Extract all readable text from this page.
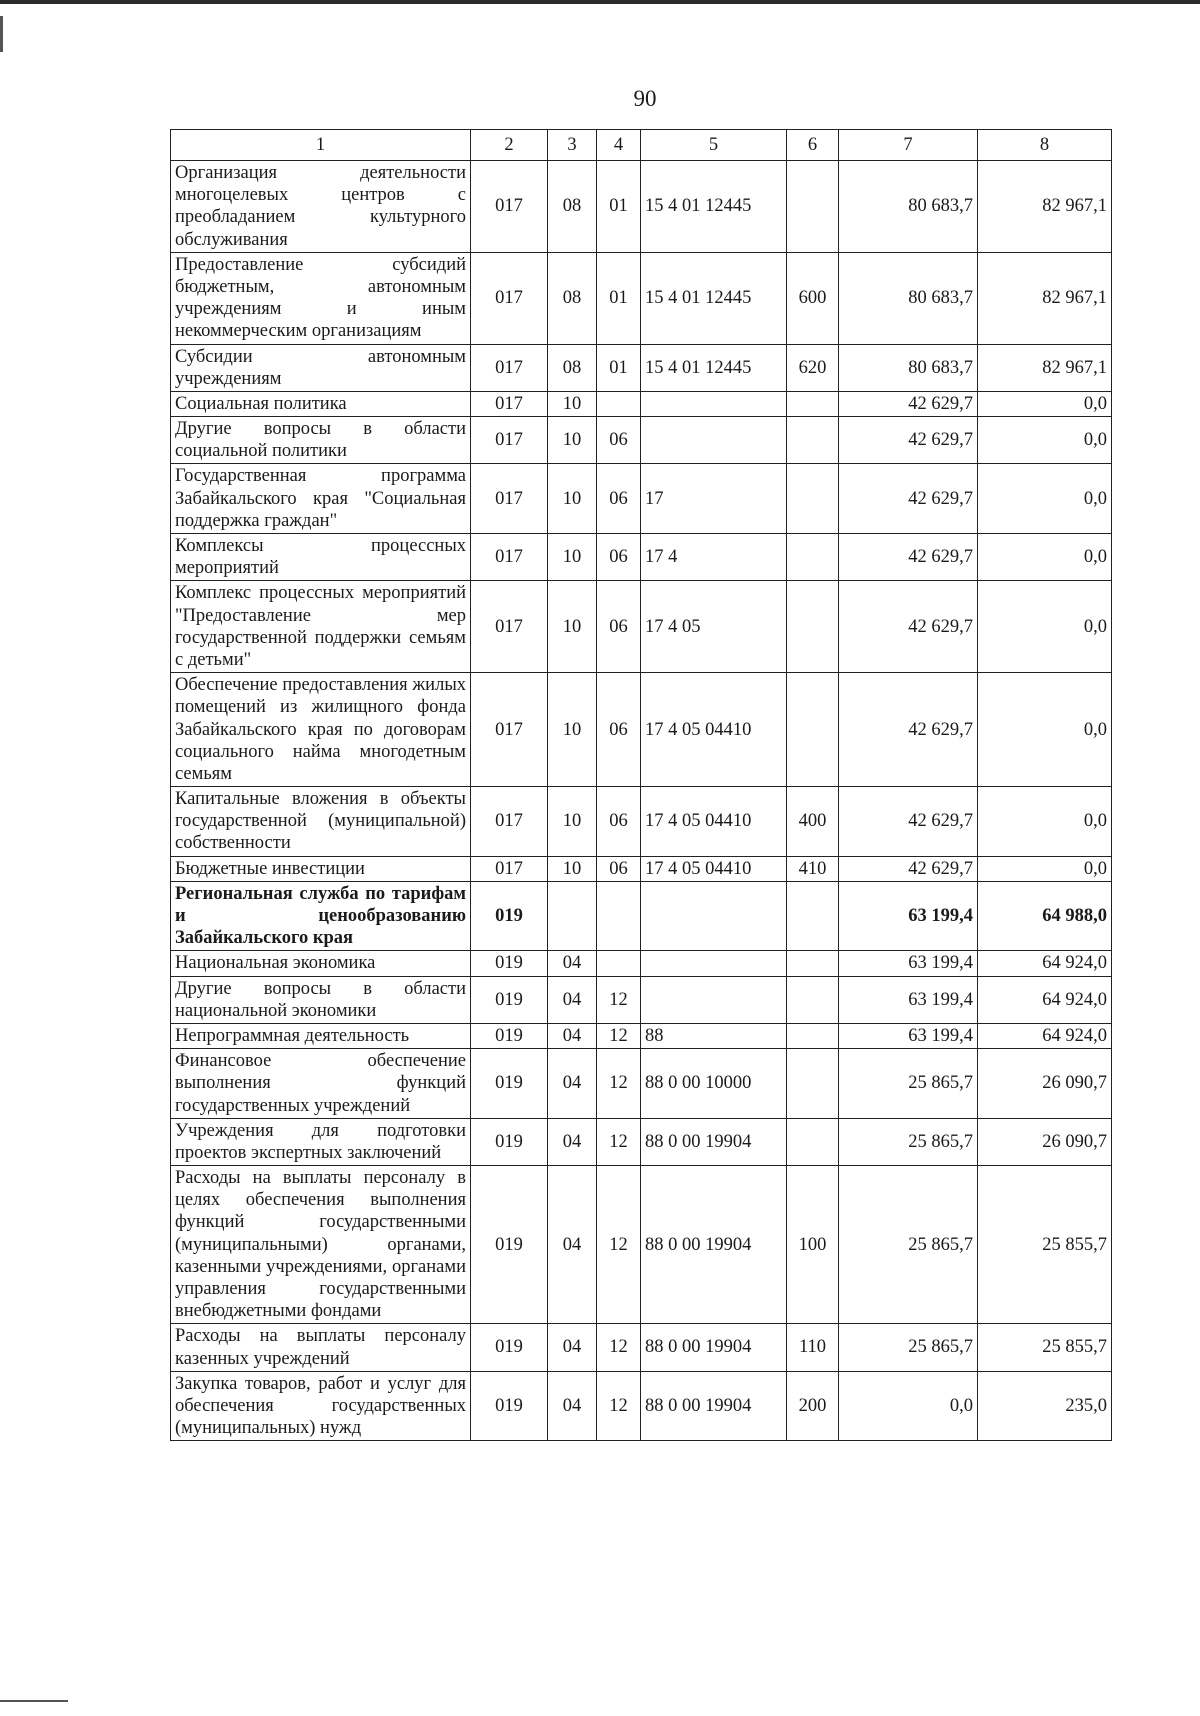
90
1	2	3	4	5	6	7	8
Организация деятельности многоцелевых центров с преобладанием культурного обслуживания	017	08	01	15 4 01 12445		80 683,7	82 967,1
Предоставление субсидий бюджетным, автономным учреждениям и иным некоммерческим организациям	017	08	01	15 4 01 12445	600	80 683,7	82 967,1
Субсидии автономным учреждениям	017	08	01	15 4 01 12445	620	80 683,7	82 967,1
Социальная политика	017	10				42 629,7	0,0
Другие вопросы в области социальной политики	017	10	06			42 629,7	0,0
Государственная программа Забайкальского края "Социальная поддержка граждан"	017	10	06	17		42 629,7	0,0
Комплексы процессных мероприятий	017	10	06	17 4		42 629,7	0,0
Комплекс процессных мероприятий "Предоставление мер государственной поддержки семьям с детьми"	017	10	06	17 4 05		42 629,7	0,0
Обеспечение предоставления жилых помещений из жилищного фонда Забайкальского края по договорам социального найма многодетным семьям	017	10	06	17 4 05 04410		42 629,7	0,0
Капитальные вложения в объекты государственной (муниципальной) собственности	017	10	06	17 4 05 04410	400	42 629,7	0,0
Бюджетные инвестиции	017	10	06	17 4 05 04410	410	42 629,7	0,0
Региональная служба по тарифам и ценообразованию Забайкальского края	019					63 199,4	64 988,0
Национальная экономика	019	04				63 199,4	64 924,0
Другие вопросы в области национальной экономики	019	04	12			63 199,4	64 924,0
Непрограммная деятельность	019	04	12	88		63 199,4	64 924,0
Финансовое обеспечение выполнения функций государственных учреждений	019	04	12	88 0 00 10000		25 865,7	26 090,7
Учреждения для подготовки проектов экспертных заключений	019	04	12	88 0 00 19904		25 865,7	26 090,7
Расходы на выплаты персоналу в целях обеспечения выполнения функций государственными (муниципальными) органами, казенными учреждениями, органами управления государственными внебюджетными фондами	019	04	12	88 0 00 19904	100	25 865,7	25 855,7
Расходы на выплаты персоналу казенных учреждений	019	04	12	88 0 00 19904	110	25 865,7	25 855,7
Закупка товаров, работ и услуг для обеспечения государственных (муниципальных) нужд	019	04	12	88 0 00 19904	200	0,0	235,0
